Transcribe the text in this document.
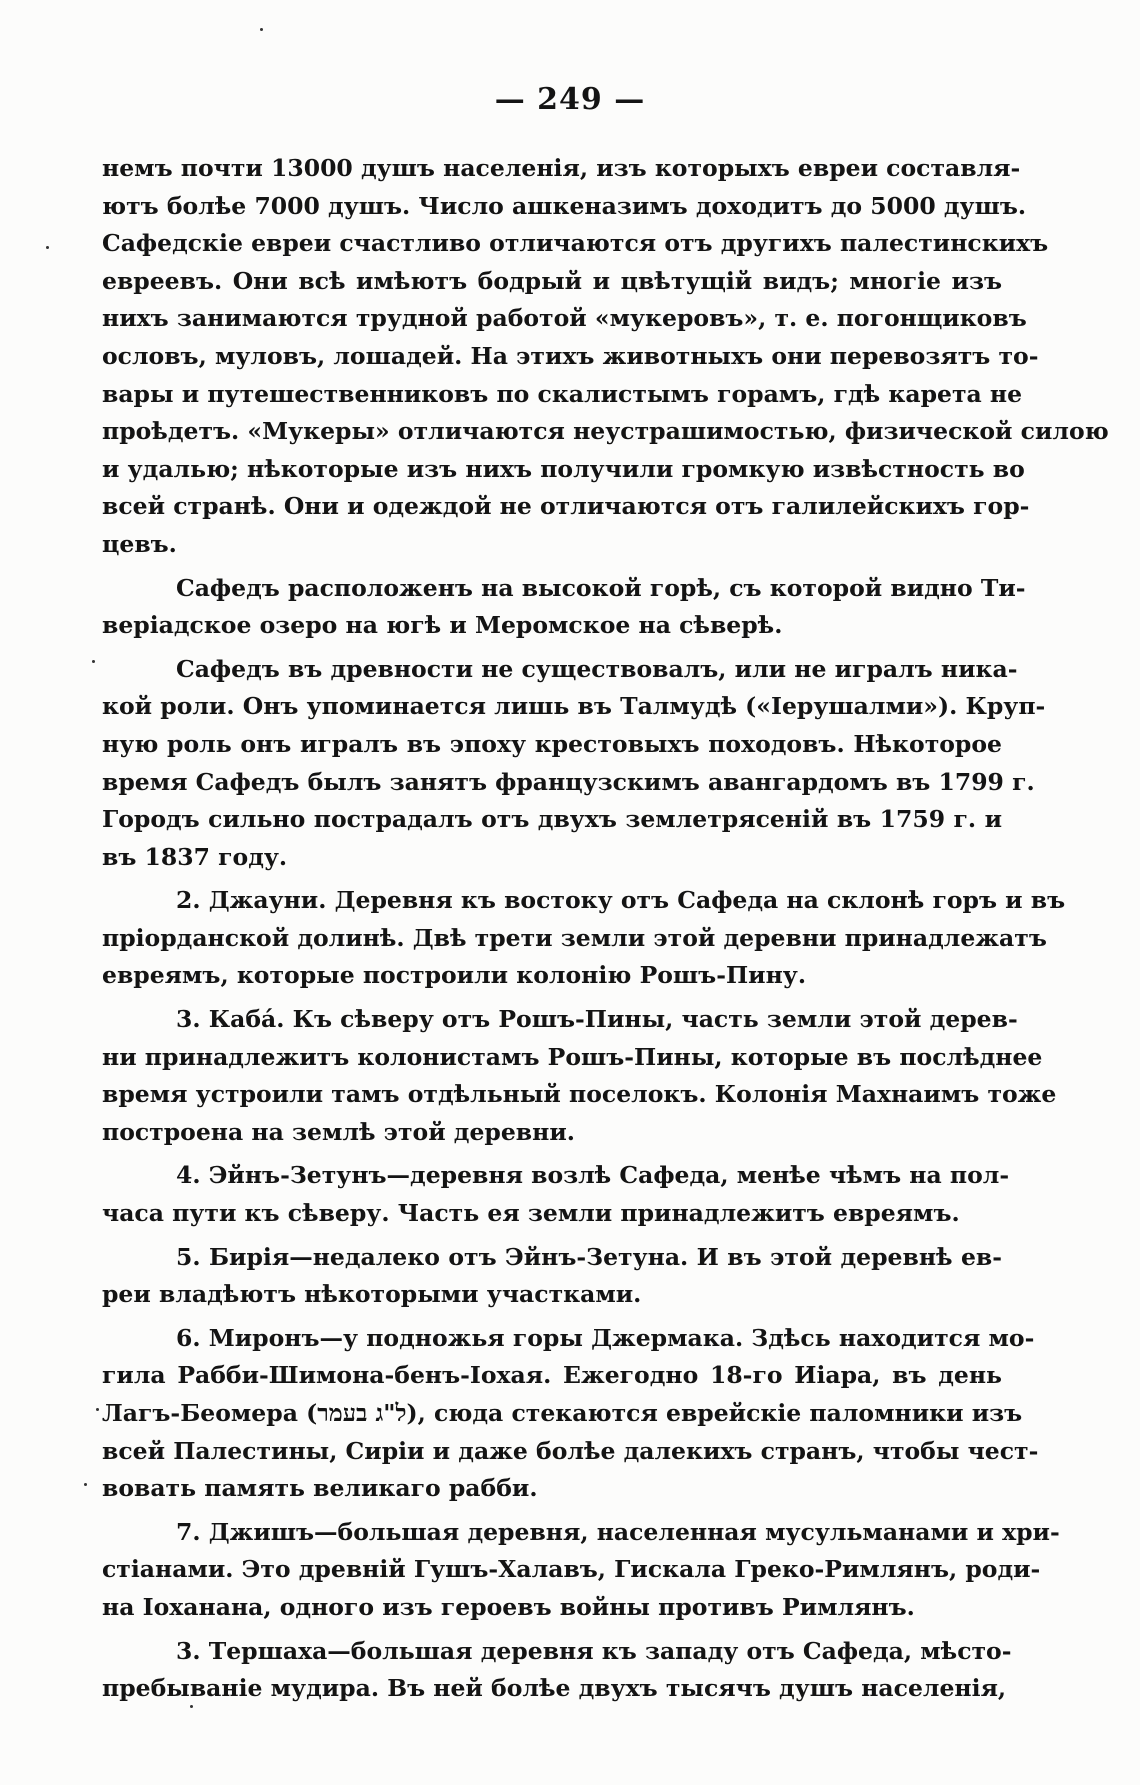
— 249 —
немъ почти 13000 душъ населенія, изъ которыхъ евреи составля-
ютъ болѣе 7000 душъ. Число ашкеназимъ доходитъ до 5000 душъ.
Сафедскіе евреи счастливо отличаются отъ другихъ палестинскихъ
евреевъ. Они всѣ имѣютъ бодрый и цвѣтущій видъ; многіе изъ
нихъ занимаются трудной работой «мукеровъ», т. е. погонщиковъ
ословъ, муловъ, лошадей. На этихъ животныхъ они перевозятъ то-
вары и путешественниковъ по скалистымъ горамъ, гдѣ карета не
проѣдетъ. «Мукеры» отличаются неустрашимостью, физической силою
и удалью; нѣкоторые изъ нихъ получили громкую извѣстность во
всей странѣ. Они и одеждой не отличаются отъ галилейскихъ гор-
цевъ.
Сафедъ расположенъ на высокой горѣ, съ которой видно Ти-
веріадское озеро на югѣ и Меромское на сѣверѣ.
Сафедъ въ древности не существовалъ, или не игралъ ника-
кой роли. Онъ упоминается лишь въ Талмудѣ («Іерушалми»). Круп-
ную роль онъ игралъ въ эпоху крестовыхъ походовъ. Нѣкоторое
время Сафедъ былъ занятъ французскимъ авангардомъ въ 1799 г.
Городъ сильно пострадалъ отъ двухъ землетрясеній въ 1759 г. и
въ 1837 году.
2. Джауни. Деревня къ востоку отъ Сафеда на склонѣ горъ и въ
пріорданской долинѣ. Двѣ трети земли этой деревни принадлежатъ
евреямъ, которые построили колонію Рошъ-Пину.
3. Каба́. Къ сѣверу отъ Рошъ-Пины, часть земли этой дерев-
ни принадлежитъ колонистамъ Рошъ-Пины, которые въ послѣднее
время устроили тамъ отдѣльный поселокъ. Колонія Махнаимъ тоже
построена на землѣ этой деревни.
4. Эйнъ-Зетунъ—деревня возлѣ Сафеда, менѣе чѣмъ на пол-
часа пути къ сѣверу. Часть ея земли принадлежитъ евреямъ.
5. Бирія—недалеко отъ Эйнъ-Зетуна. И въ этой деревнѣ ев-
реи владѣютъ нѣкоторыми участками.
6. Миронъ—у подножья горы Джермака. Здѣсь находится мо-
гила Рабби-Шимона-бенъ-Іохая. Ежегодно 18-го Иіара, въ день
Лагъ-Беомера (ל"ג בעמר), сюда стекаются еврейскіе паломники изъ
всей Палестины, Сиріи и даже болѣе далекихъ странъ, чтобы чест-
вовать память великаго рабби.
7. Джишъ—большая деревня, населенная мусульманами и хри-
стіанами. Это древній Гушъ-Халавъ, Гискала Греко-Римлянъ, роди-
на Іоханана, одного изъ героевъ войны противъ Римлянъ.
3. Тершаха—большая деревня къ западу отъ Сафеда, мѣсто-
пребываніе мудира. Въ ней болѣе двухъ тысячъ душъ населенія,
